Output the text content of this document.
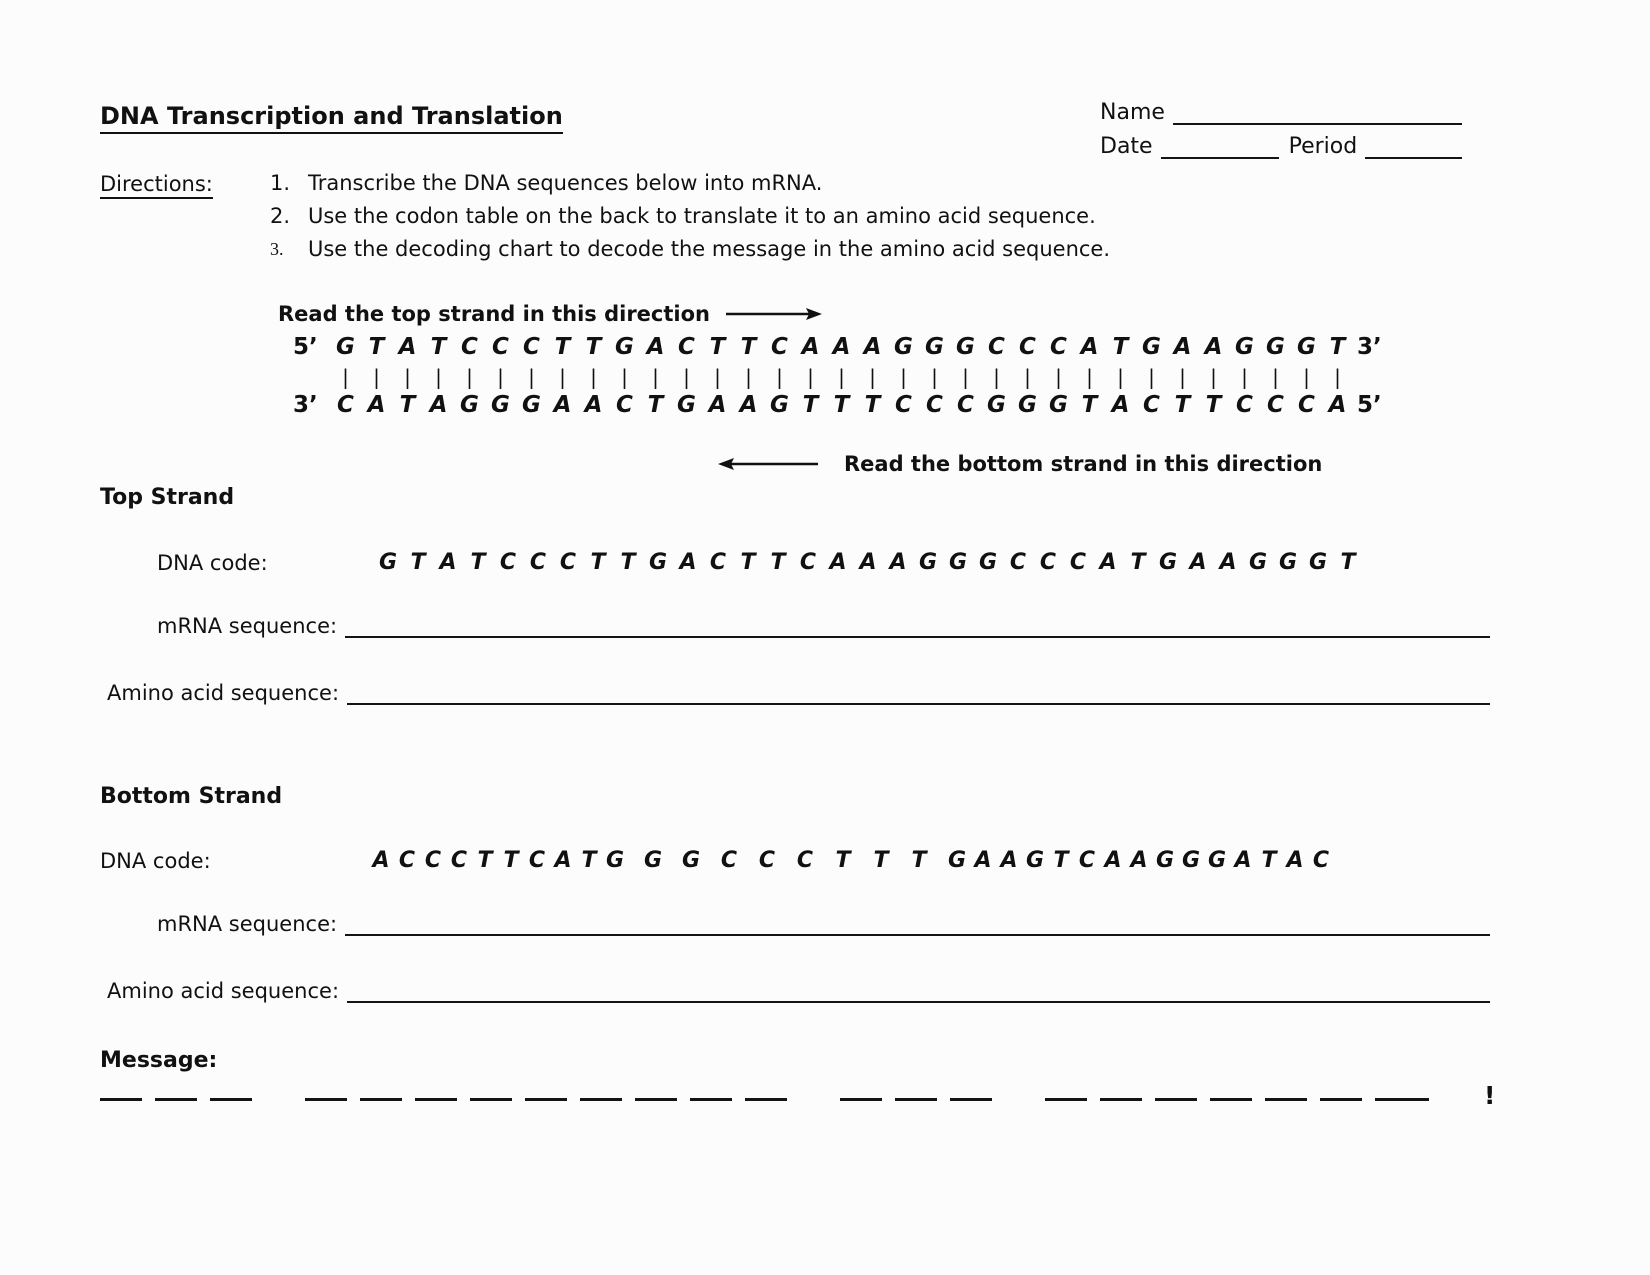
DNA Transcription and Translation	Name
Date	Period
Directions:	1. Transcribe the DNA sequences below into mRNA.
2. Use the codon table on the back to translate it to an amino acid sequence.
3.	Use the decoding chart to decode the message in the amino acid sequence.
Read the top strand in this direction
5’ G T A T C C C T T G A C T T C A A A G G G C C C A T G A A G G G T 3’
| | | | | | | | | | | | | | | | | | | | | | | | | | | | | | | | |
3’ C A T A G G G A A C T G A A G T T T C C C G G G T A C T T C C C A 5’
Read the bottom strand in this direction
Top Strand
DNA code:	G T A T C C C T T G A C T T C A A A G G G C C C A T G A A G G G T
mRNA sequence:
Amino acid sequence:
Bottom Strand
DNA code:	A C C C T T C A T G G G C C C T T T G A A G T C A A G G G A T A C
mRNA sequence:
Amino acid sequence:
Message:
!
